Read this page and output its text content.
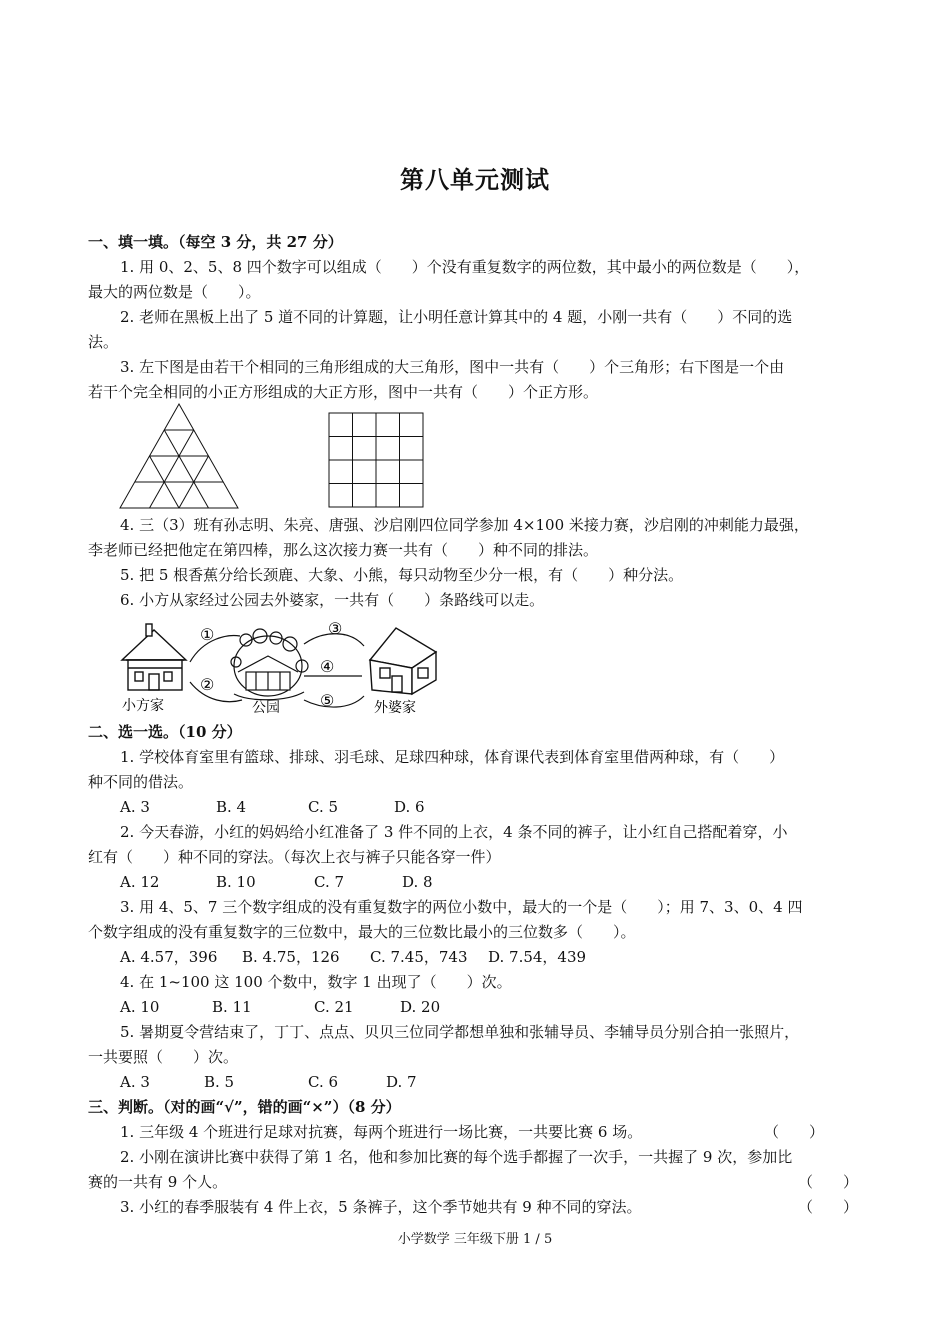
第八单元测试
一、填一填。（每空 3 分，共 27 分）
1. 用 0、2、5、8 四个数字可以组成（　　）个没有重复数字的两位数，其中最小的两位数是（　　），
最大的两位数是（　　）。
2. 老师在黑板上出了 5 道不同的计算题，让小明任意计算其中的 4 题，小刚一共有（　　）不同的选
法。
3. 左下图是由若干个相同的三角形组成的大三角形，图中一共有（　　）个三角形；右下图是一个由
若干个完全相同的小正方形组成的大正方形，图中一共有（　　）个正方形。
4. 三（3）班有孙志明、朱亮、唐强、沙启刚四位同学参加 4×100 米接力赛，沙启刚的冲刺能力最强，
李老师已经把他定在第四棒，那么这次接力赛一共有（　　）种不同的排法。
5. 把 5 根香蕉分给长颈鹿、大象、小熊，每只动物至少分一根，有（　　）种分法。
6. 小方从家经过公园去外婆家，一共有（　　）条路线可以走。
小方家
①
②
公园
③
④
⑤	外婆家
二、选一选。（10 分）
1. 学校体育室里有篮球、排球、羽毛球、足球四种球，体育课代表到体育室里借两种球，有（　　）
种不同的借法。
A. 3	B. 4	C. 5	D. 6
2. 今天春游，小红的妈妈给小红准备了 3 件不同的上衣，4 条不同的裤子，让小红自己搭配着穿，小
红有（　　）种不同的穿法。（每次上衣与裤子只能各穿一件）
A. 12	B. 10	C. 7	D. 8
3. 用 4、5、7 三个数字组成的没有重复数字的两位小数中，最大的一个是（　　）；用 7、3、0、4 四
个数字组成的没有重复数字的三位数中，最大的三位数比最小的三位数多（　　）。
A. 4.57，396 B. 4.75，126 C. 7.45，743 D. 7.54，439
4. 在 1~100 这 100 个数中，数字 1 出现了（　　）次。
A. 10	B. 11	C. 21	D. 20
5. 暑期夏令营结束了，丁丁、点点、贝贝三位同学都想单独和张辅导员、李辅导员分别合拍一张照片，
一共要照（　　）次。
A. 3	B. 5	C. 6	D. 7
三、判断。（对的画“√”，错的画“×”）（8 分）
1. 三年级 4 个班进行足球对抗赛，每两个班进行一场比赛，一共要比赛 6 场。	（　　）
2. 小刚在演讲比赛中获得了第 1 名，他和参加比赛的每个选手都握了一次手，一共握了 9 次，参加比
赛的一共有 9 个人。	（　　）
3. 小红的春季服装有 4 件上衣，5 条裤子，这个季节她共有 9 种不同的穿法。	（　　）
小学数学 三年级下册 1 / 5
